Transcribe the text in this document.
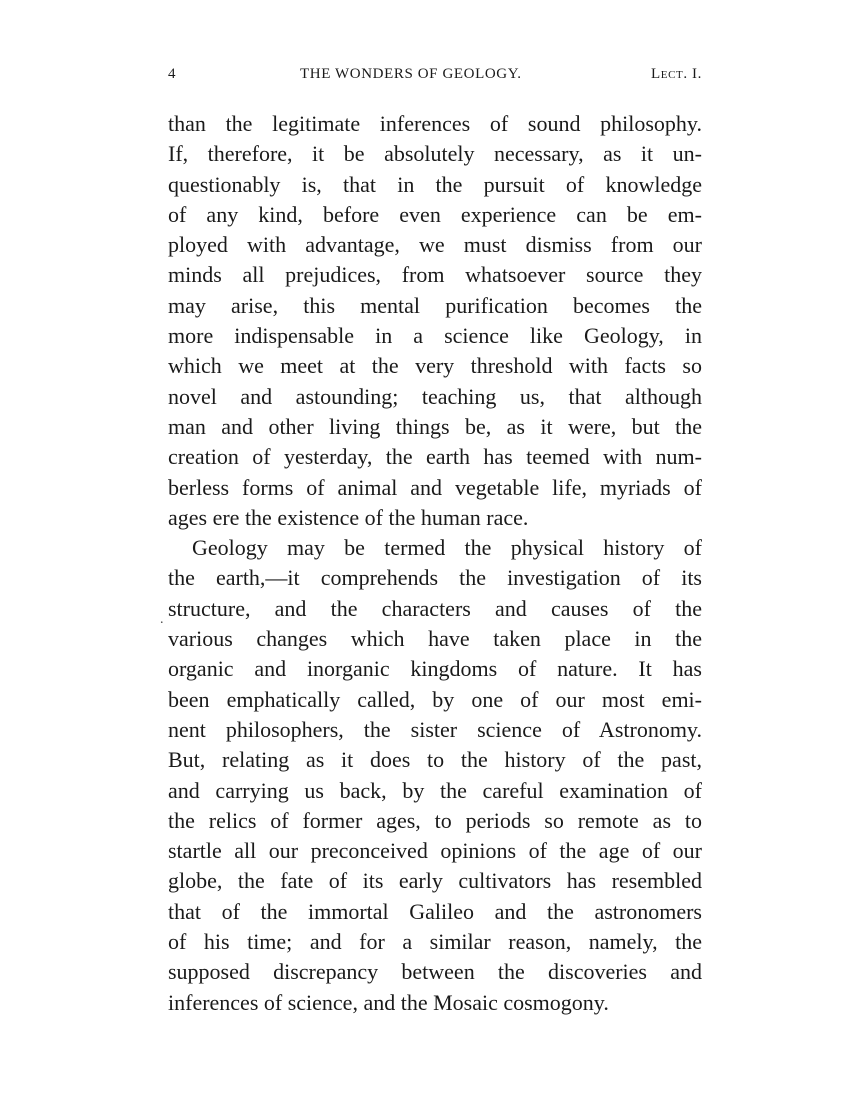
4	THE WONDERS OF GEOLOGY.	Lect. I.
than the legitimate inferences of sound philosophy.
If, therefore, it be absolutely necessary, as it un-
questionably is, that in the pursuit of knowledge
of any kind, before even experience can be em-
ployed with advantage, we must dismiss from our
minds all prejudices, from whatsoever source they
may arise, this mental purification becomes the
more indispensable in a science like Geology, in
which we meet at the very threshold with facts so
novel and astounding; teaching us, that although
man and other living things be, as it were, but the
creation of yesterday, the earth has teemed with num-
berless forms of animal and vegetable life, myriads of
ages ere the existence of the human race.
Geology may be termed the physical history of
the earth,—it comprehends the investigation of its
structure, and the characters and causes of the
various changes which have taken place in the
organic and inorganic kingdoms of nature. It has
been emphatically called, by one of our most emi-
nent philosophers, the sister science of Astronomy.
But, relating as it does to the history of the past,
and carrying us back, by the careful examination of
the relics of former ages, to periods so remote as to
startle all our preconceived opinions of the age of our
globe, the fate of its early cultivators has resembled
that of the immortal Galileo and the astronomers
of his time; and for a similar reason, namely, the
supposed discrepancy between the discoveries and
inferences of science, and the Mosaic cosmogony.
.
